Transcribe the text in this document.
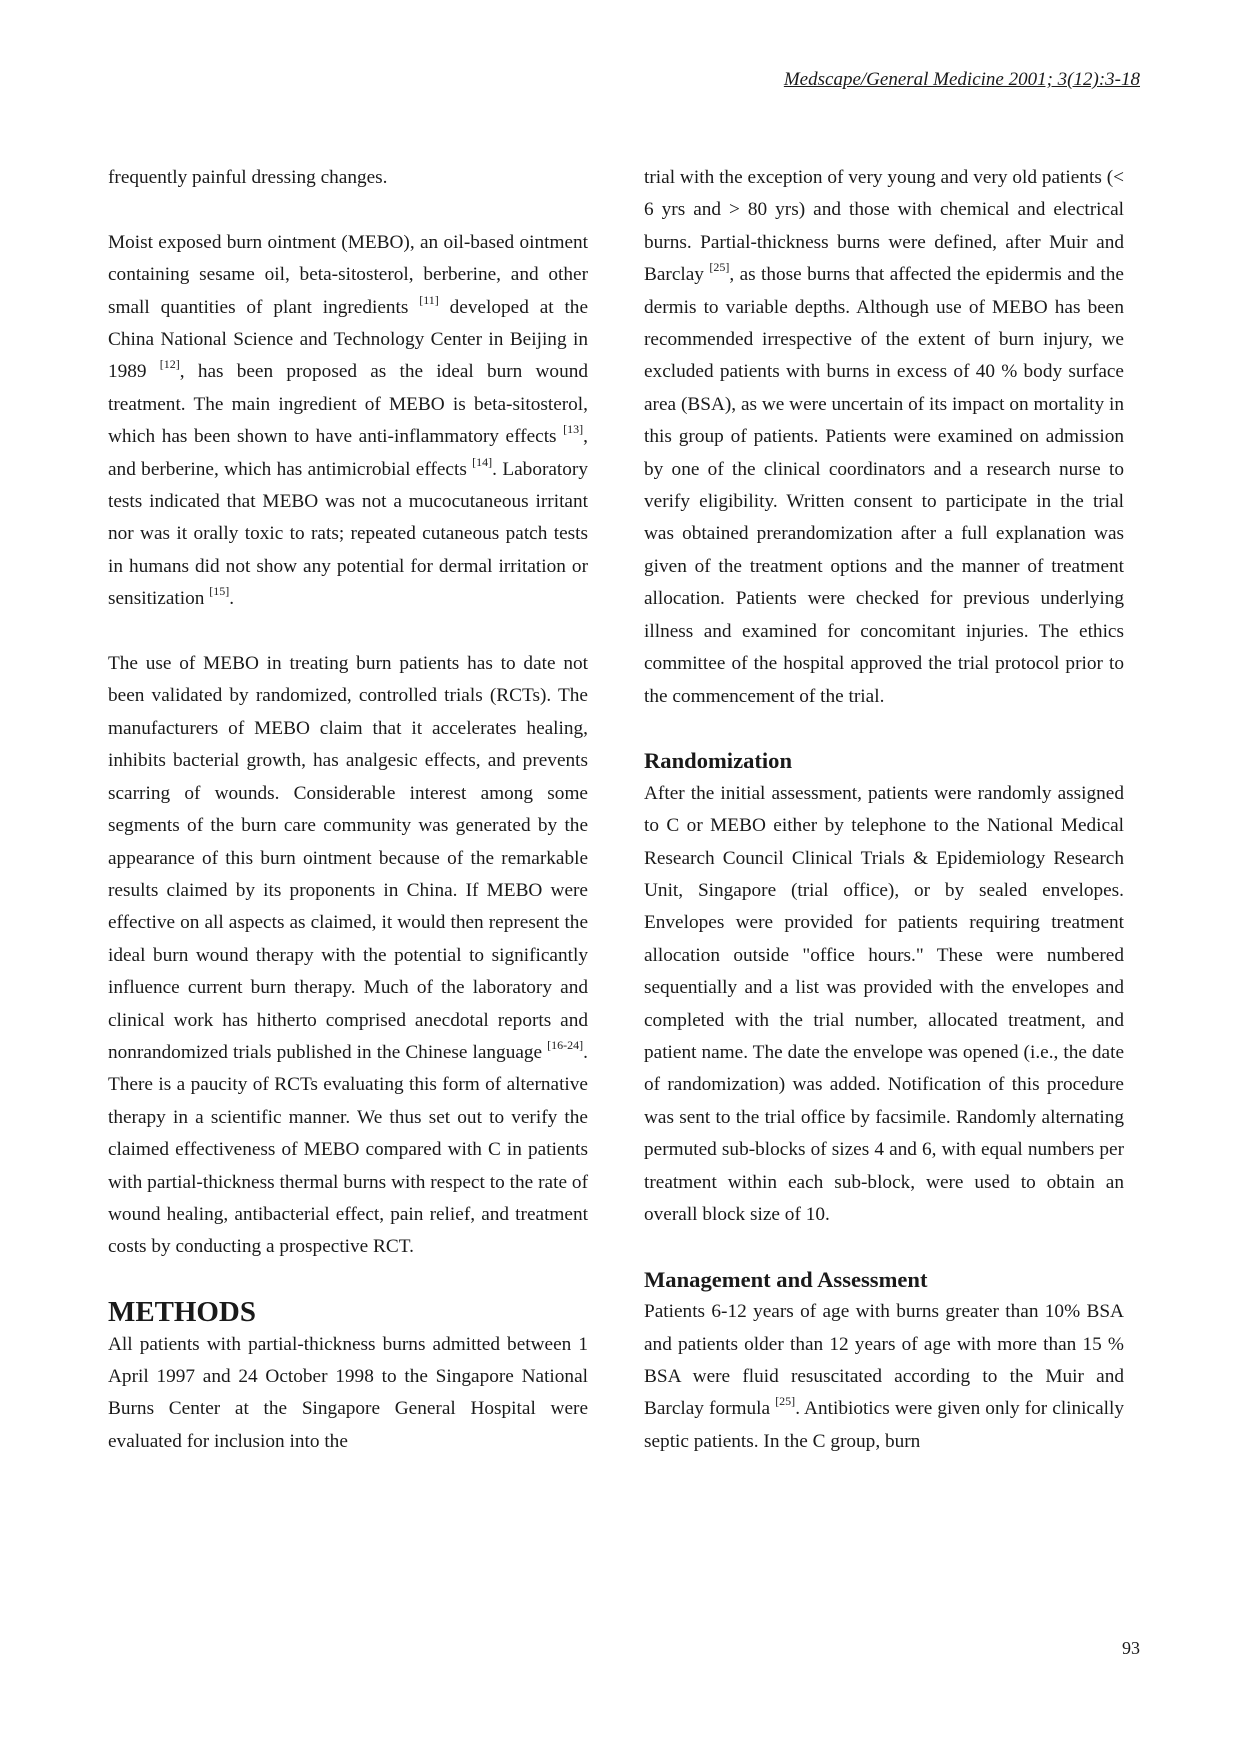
Medscape/General Medicine 2001; 3(12):3-18

frequently painful dressing changes.

Moist exposed burn ointment (MEBO), an oil-based ointment containing sesame oil, beta-sitosterol, berberine, and other small quantities of plant ingredients [11] developed at the China National Science and Technology Center in Beijing in 1989 [12], has been proposed as the ideal burn wound treatment. The main ingredient of MEBO is beta-sitosterol, which has been shown to have anti-inflammatory effects [13], and berberine, which has antimicrobial effects [14]. Laboratory tests indicated that MEBO was not a mucocutaneous irritant nor was it orally toxic to rats; repeated cutaneous patch tests in humans did not show any potential for dermal irritation or sensitization [15].

The use of MEBO in treating burn patients has to date not been validated by randomized, controlled trials (RCTs). The manufacturers of MEBO claim that it accelerates healing, inhibits bacterial growth, has analgesic effects, and prevents scarring of wounds. Considerable interest among some segments of the burn care community was generated by the appearance of this burn ointment because of the remarkable results claimed by its proponents in China. If MEBO were effective on all aspects as claimed, it would then represent the ideal burn wound therapy with the potential to significantly influence current burn therapy. Much of the laboratory and clinical work has hitherto comprised anecdotal reports and nonrandomized trials published in the Chinese language [16-24]. There is a paucity of RCTs evaluating this form of alternative therapy in a scientific manner. We thus set out to verify the claimed effectiveness of MEBO compared with C in patients with partial-thickness thermal burns with respect to the rate of wound healing, antibacterial effect, pain relief, and treatment costs by conducting a prospective RCT.

METHODS

All patients with partial-thickness burns admitted between 1 April 1997 and 24 October 1998 to the Singapore National Burns Center at the Singapore General Hospital were evaluated for inclusion into the

trial with the exception of very young and very old patients (< 6 yrs and > 80 yrs) and those with chemical and electrical burns. Partial-thickness burns were defined, after Muir and Barclay [25], as those burns that affected the epidermis and the dermis to variable depths. Although use of MEBO has been recommended irrespective of the extent of burn injury, we excluded patients with burns in excess of 40 % body surface area (BSA), as we were uncertain of its impact on mortality in this group of patients. Patients were examined on admission by one of the clinical coordinators and a research nurse to verify eligibility. Written consent to participate in the trial was obtained prerandomization after a full explanation was given of the treatment options and the manner of treatment allocation. Patients were checked for previous underlying illness and examined for concomitant injuries. The ethics committee of the hospital approved the trial protocol prior to the commencement of the trial.

Randomization

After the initial assessment, patients were randomly assigned to C or MEBO either by telephone to the National Medical Research Council Clinical Trials & Epidemiology Research Unit, Singapore (trial office), or by sealed envelopes. Envelopes were provided for patients requiring treatment allocation outside "office hours." These were numbered sequentially and a list was provided with the envelopes and completed with the trial number, allocated treatment, and patient name. The date the envelope was opened (i.e., the date of randomization) was added. Notification of this procedure was sent to the trial office by facsimile. Randomly alternating permuted sub-blocks of sizes 4 and 6, with equal numbers per treatment within each sub-block, were used to obtain an overall block size of 10.

Management and Assessment

Patients 6-12 years of age with burns greater than 10% BSA and patients older than 12 years of age with more than 15 % BSA were fluid resuscitated according to the Muir and Barclay formula [25]. Antibiotics were given only for clinically septic patients. In the C group, burn

93
